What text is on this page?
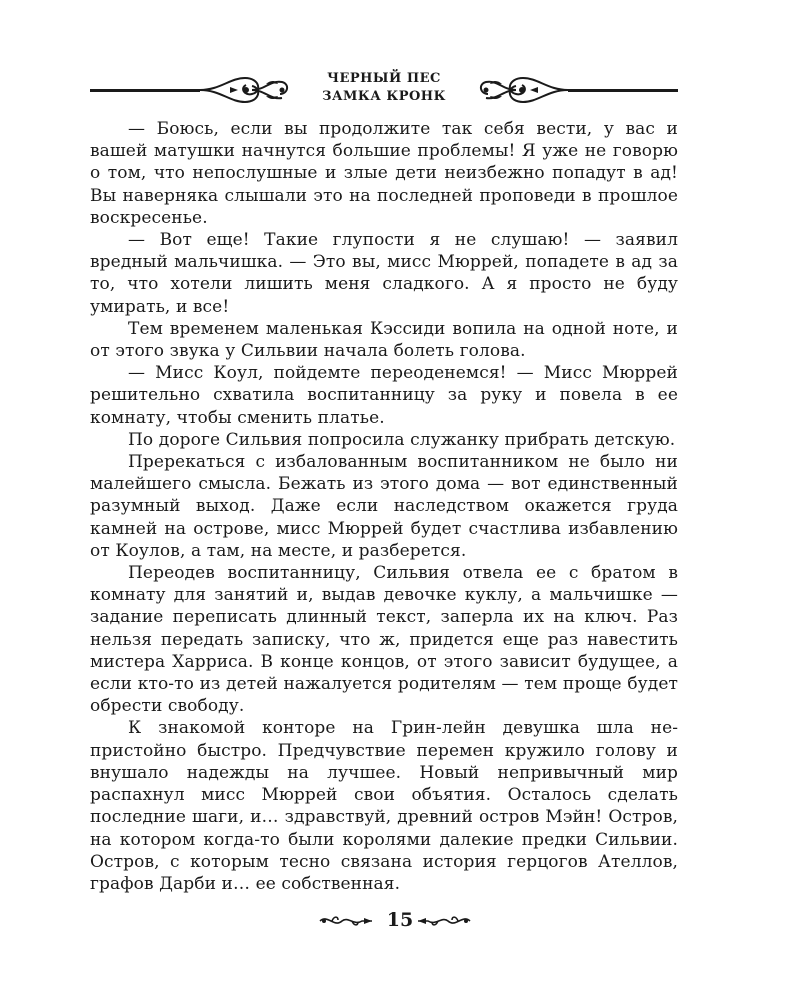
ЧЕРНЫЙ ПЕС
ЗАМКА КРОНК

— Боюсь, если вы продолжите так себя вести, у вас и вашей матушки начнутся большие проблемы! Я уже не говорю о том, что непослушные и злые дети неизбежно попадут в ад! Вы наверняка слышали это на последней проповеди в прошлое воскресенье.

— Вот еще! Такие глупости я не слушаю! — заявил вредный мальчишка. — Это вы, мисс Мюррей, попадете в ад за то, что хотели лишить меня сладкого. А я просто не буду умирать, и все!

Тем временем маленькая Кэссиди вопила на одной ноте, и от этого звука у Сильвии начала болеть голова.

— Мисс Коул, пойдемте переоденемся! — Мисс Мюррей решительно схватила воспитанницу за руку и повела в ее комнату, чтобы сменить платье.

По дороге Сильвия попросила служанку прибрать детскую.

Пререкаться с избалованным воспитанником не было ни малейшего смысла. Бежать из этого дома — вот единственный разумный выход. Даже если наследством окажется груда камней на острове, мисс Мюррей будет счастлива избавлению от Коулов, а там, на месте, и разберется.

Переодев воспитанницу, Сильвия отвела ее с братом в комнату для занятий и, выдав девочке куклу, а мальчишке — задание переписать длинный текст, заперла их на ключ. Раз нельзя передать записку, что ж, придется еще раз навестить мистера Харриса. В конце концов, от этого зависит будущее, а если кто-то из детей нажалуется родителям — тем проще будет обрести свободу.

К знакомой конторе на Грин-лейн девушка шла непристойно быстро. Предчувствие перемен кружило голову и внушало надежды на лучшее. Новый непривычный мир распахнул мисс Мюррей свои объятия. Осталось сделать последние шаги, и… здравствуй, древний остров Мэйн! Остров, на котором когда-то были королями далекие предки Сильвии. Остров, с которым тесно связана история герцогов Ателлов, графов Дарби и… ее собственная.

15
